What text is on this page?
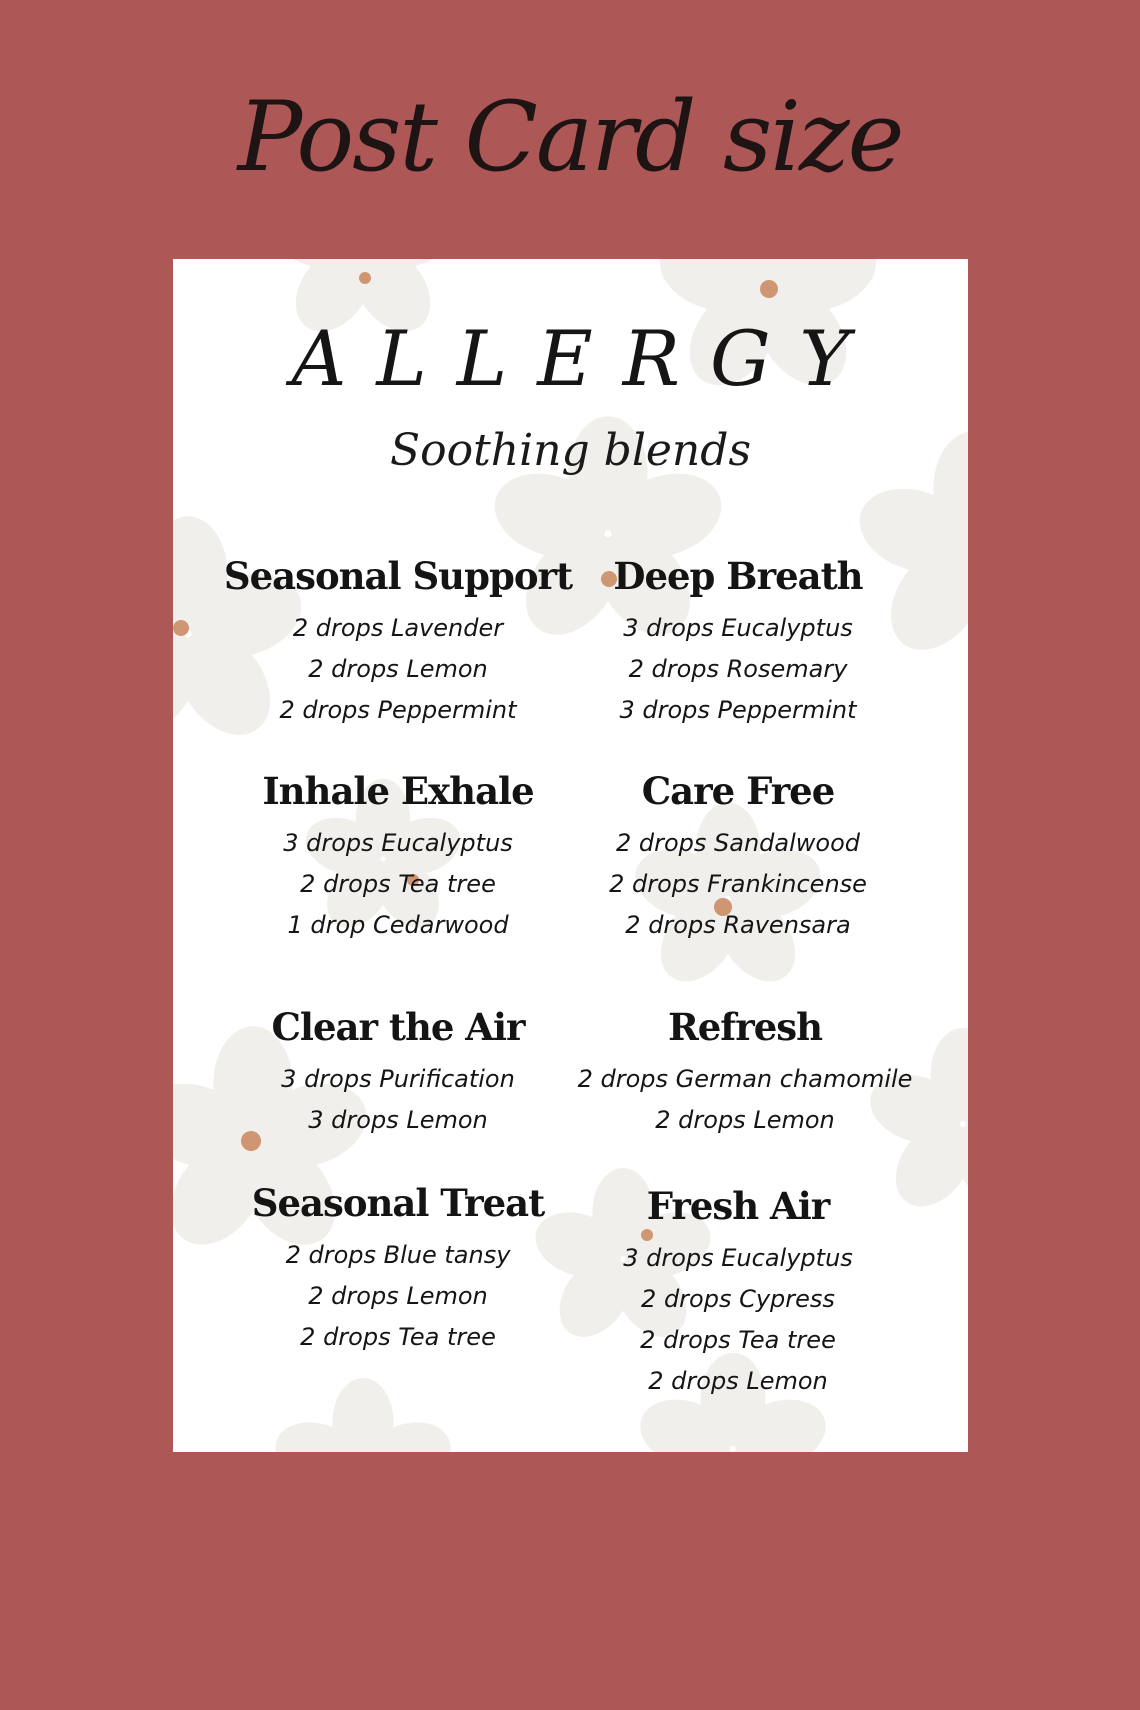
Post Card size
ALLERGY
Soothing blends
Seasonal Support
2 drops Lavender
2 drops Lemon
2 drops Peppermint
Deep Breath
3 drops Eucalyptus
2 drops Rosemary
3 drops Peppermint
Inhale Exhale
3 drops Eucalyptus
2 drops Tea tree
1 drop Cedarwood
Care Free
2 drops Sandalwood
2 drops Frankincense
2 drops Ravensara
Clear the Air
3 drops Purification
3 drops Lemon
Refresh
2 drops German chamomile
2 drops Lemon
Seasonal Treat
2 drops Blue tansy
2 drops Lemon
2 drops Tea tree
Fresh Air
3 drops Eucalyptus
2 drops Cypress
2 drops Tea tree
2 drops Lemon
